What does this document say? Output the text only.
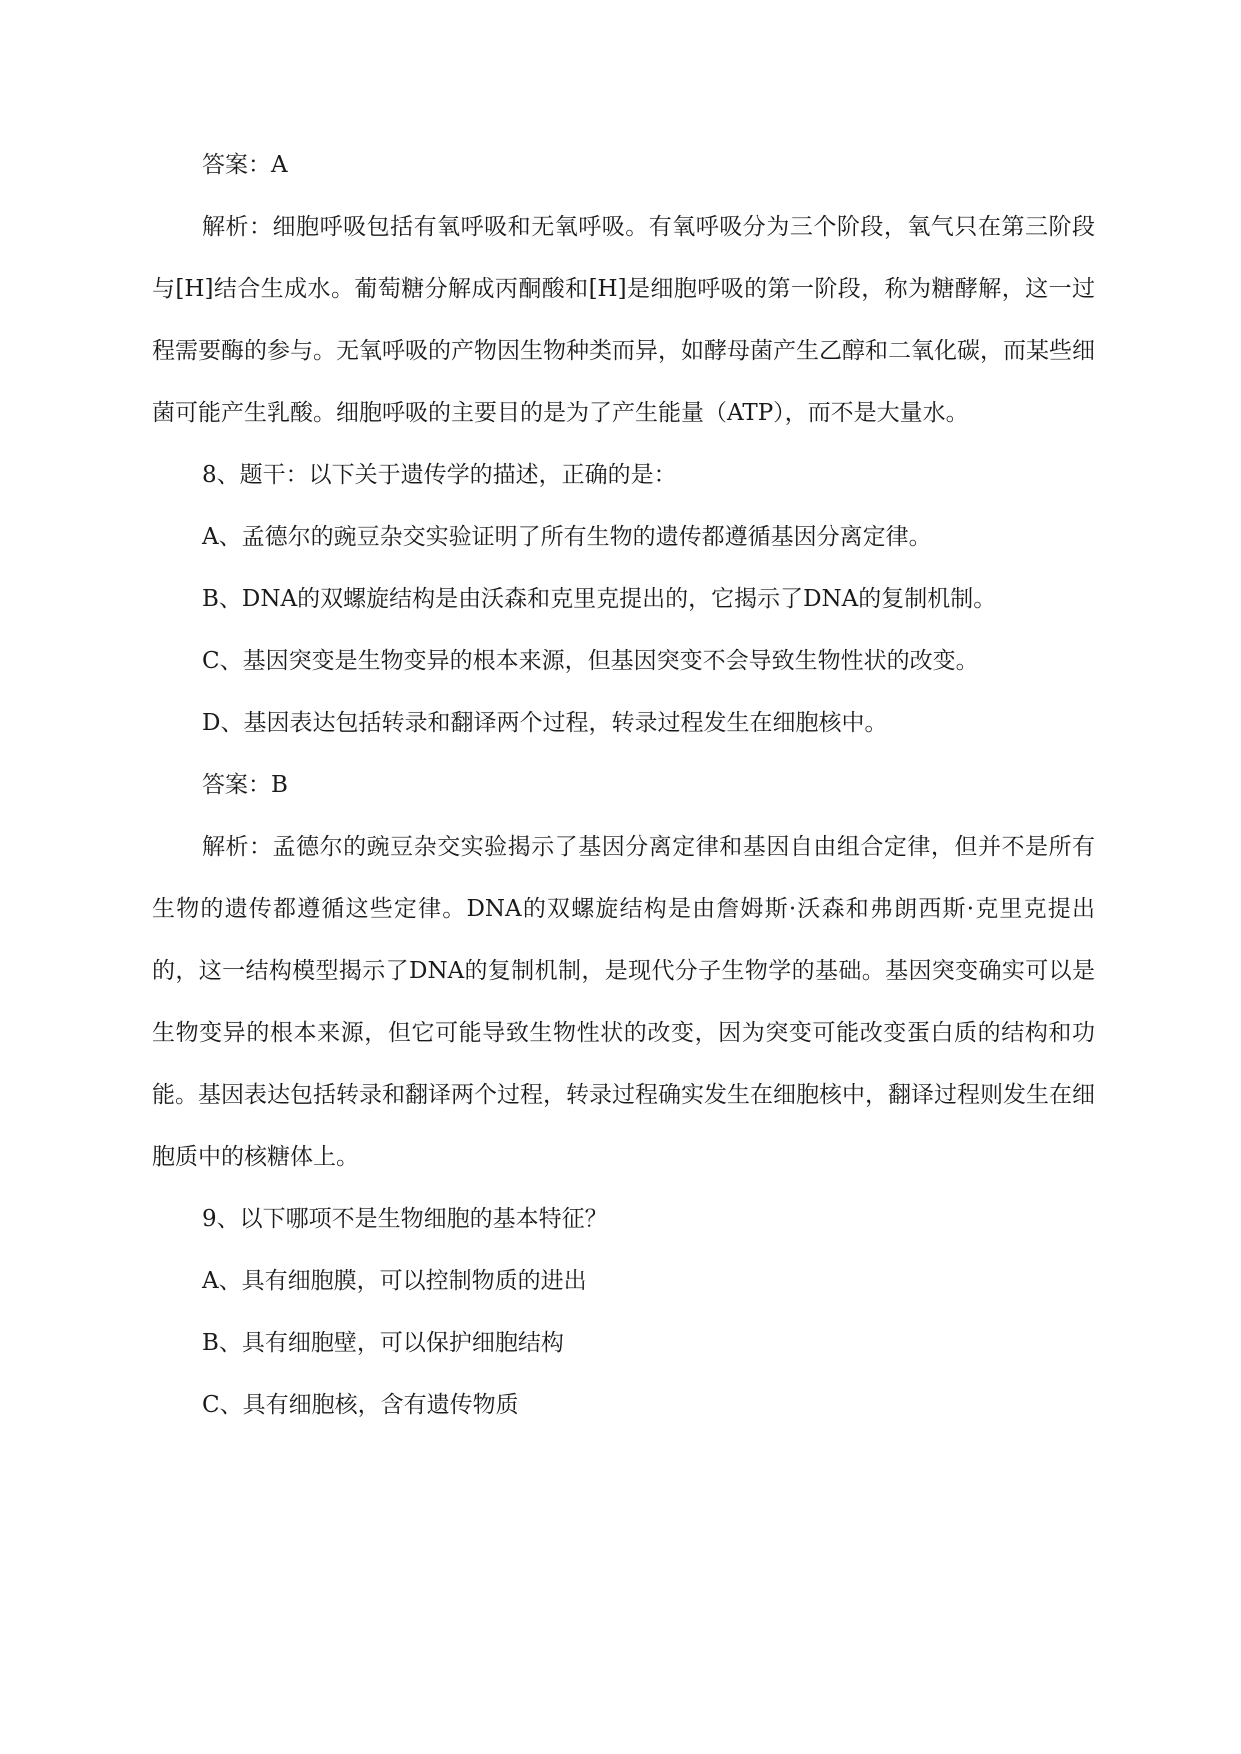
答案：A

解析：细胞呼吸包括有氧呼吸和无氧呼吸。有氧呼吸分为三个阶段，氧气只在第三阶段与[H]结合生成水。葡萄糖分解成丙酮酸和[H]是细胞呼吸的第一阶段，称为糖酵解，这一过程需要酶的参与。无氧呼吸的产物因生物种类而异，如酵母菌产生乙醇和二氧化碳，而某些细菌可能产生乳酸。细胞呼吸的主要目的是为了产生能量（ATP），而不是大量水。

8、题干：以下关于遗传学的描述，正确的是：

A、孟德尔的豌豆杂交实验证明了所有生物的遗传都遵循基因分离定律。

B、DNA的双螺旋结构是由沃森和克里克提出的，它揭示了DNA的复制机制。

C、基因突变是生物变异的根本来源，但基因突变不会导致生物性状的改变。

D、基因表达包括转录和翻译两个过程，转录过程发生在细胞核中。

答案：B

解析：孟德尔的豌豆杂交实验揭示了基因分离定律和基因自由组合定律，但并不是所有生物的遗传都遵循这些定律。DNA的双螺旋结构是由詹姆斯·沃森和弗朗西斯·克里克提出的，这一结构模型揭示了DNA的复制机制，是现代分子生物学的基础。基因突变确实可以是生物变异的根本来源，但它可能导致生物性状的改变，因为突变可能改变蛋白质的结构和功能。基因表达包括转录和翻译两个过程，转录过程确实发生在细胞核中，翻译过程则发生在细胞质中的核糖体上。

9、以下哪项不是生物细胞的基本特征？

A、具有细胞膜，可以控制物质的进出

B、具有细胞壁，可以保护细胞结构

C、具有细胞核，含有遗传物质
